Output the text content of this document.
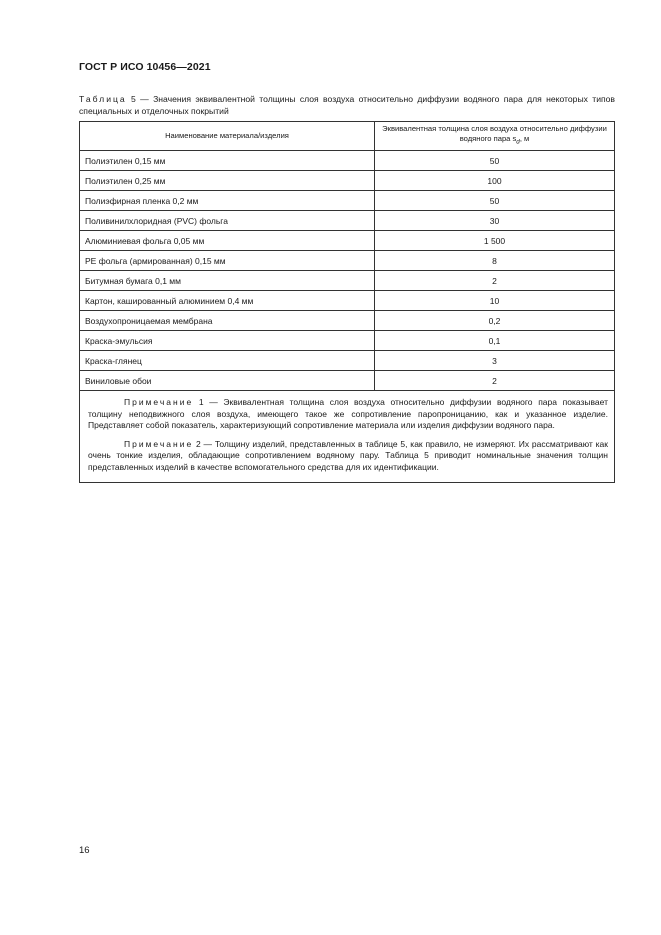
ГОСТ Р ИСО 10456—2021
Таблица 5 — Значения эквивалентной толщины слоя воздуха относительно диффузии водяного пара для некоторых типов специальных и отделочных покрытий
Наименование материала/изделия	Эквивалентная толщина слоя воздуха относительно диффузии водяного пара $s_d$, м
Полиэтилен 0,15 мм	50
Полиэтилен 0,25 мм	100
Полиэфирная пленка 0,2 мм	50
Поливинилхлоридная (PVC) фольга	30
Алюминиевая фольга 0,05 мм	1 500
PE фольга (армированная) 0,15 мм	8
Битумная бумага 0,1 мм	2
Картон, кашированный алюминием 0,4 мм	10
Воздухопроницаемая мембрана	0,2
Краска-эмульсия	0,1
Краска-глянец	3
Виниловые обои	2

Примечание 1 — Эквивалентная толщина слоя воздуха относительно диффузии водяного пара показывает толщину неподвижного слоя воздуха, имеющего такое же сопротивление паропроницанию, как и указанное изделие. Представляет собой показатель, характеризующий сопротивление материала или изделия диффузии водяного пара.

Примечание 2 — Толщину изделий, представленных в таблице 5, как правило, не измеряют. Их рассматривают как очень тонкие изделия, обладающие сопротивлением водяному пару. Таблица 5 приводит номинальные значения толщин представленных изделий в качестве вспомогательного средства для их идентификации.	

16
